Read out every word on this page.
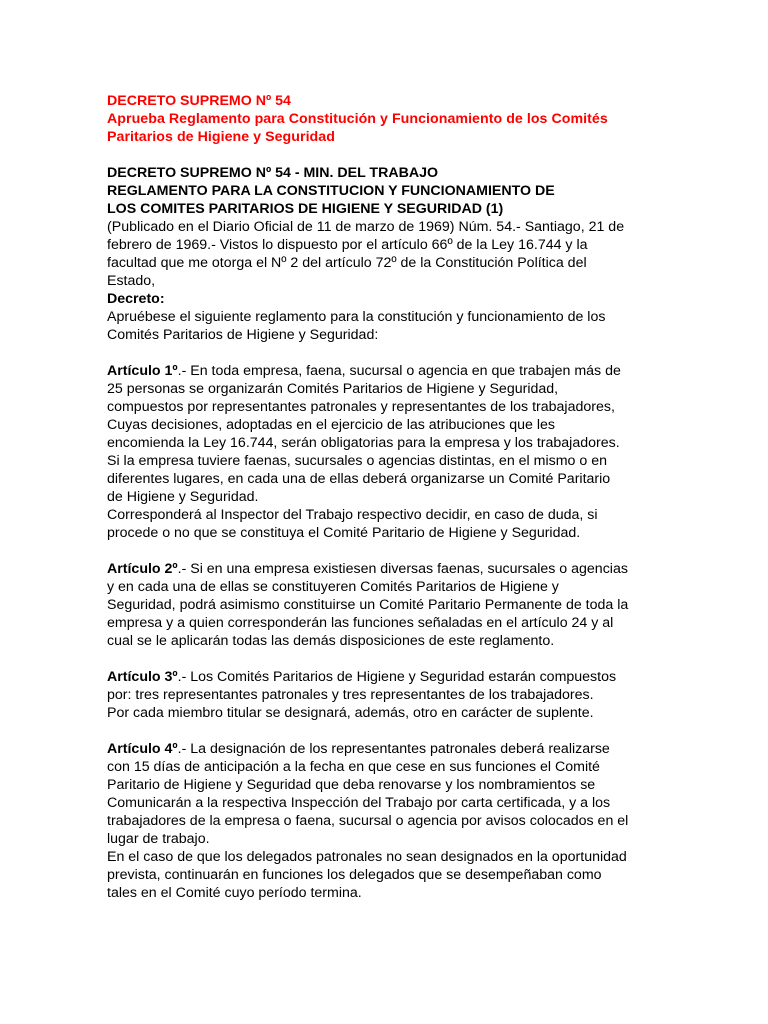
DECRETO SUPREMO Nº 54
Aprueba Reglamento para Constitución y Funcionamiento de los Comités
Paritarios de Higiene y Seguridad
DECRETO SUPREMO Nº 54 - MIN. DEL TRABAJO
REGLAMENTO PARA LA CONSTITUCION Y FUNCIONAMIENTO DE
LOS COMITES PARITARIOS DE HIGIENE Y SEGURIDAD (1)
(Publicado en el Diario Oficial de 11 de marzo de 1969) Núm. 54.- Santiago, 21 de
febrero de 1969.- Vistos lo dispuesto por el artículo 66º de la Ley 16.744 y la
facultad que me otorga el Nº 2 del artículo 72º de la Constitución Política del
Estado,
Decreto:
Apruébese el siguiente reglamento para la constitución y funcionamiento de los
Comités Paritarios de Higiene y Seguridad:
Artículo 1º.- En toda empresa, faena, sucursal o agencia en que trabajen más de
25 personas se organizarán Comités Paritarios de Higiene y Seguridad,
compuestos por representantes patronales y representantes de los trabajadores,
Cuyas decisiones, adoptadas en el ejercicio de las atribuciones que les
encomienda la Ley 16.744, serán obligatorias para la empresa y los trabajadores.
Si la empresa tuviere faenas, sucursales o agencias distintas, en el mismo o en
diferentes lugares, en cada una de ellas deberá organizarse un Comité Paritario
de Higiene y Seguridad.
Corresponderá al Inspector del Trabajo respectivo decidir, en caso de duda, si
procede o no que se constituya el Comité Paritario de Higiene y Seguridad.
Artículo 2º.- Si en una empresa existiesen diversas faenas, sucursales o agencias
y en cada una de ellas se constituyeren Comités Paritarios de Higiene y
Seguridad, podrá asimismo constituirse un Comité Paritario Permanente de toda la
empresa y a quien corresponderán las funciones señaladas en el artículo 24 y al
cual se le aplicarán todas las demás disposiciones de este reglamento.
Artículo 3º.- Los Comités Paritarios de Higiene y Seguridad estarán compuestos
por: tres representantes patronales y tres representantes de los trabajadores.
Por cada miembro titular se designará, además, otro en carácter de suplente.
Artículo 4º.- La designación de los representantes patronales deberá realizarse
con 15 días de anticipación a la fecha en que cese en sus funciones el Comité
Paritario de Higiene y Seguridad que deba renovarse y los nombramientos se
Comunicarán a la respectiva Inspección del Trabajo por carta certificada, y a los
trabajadores de la empresa o faena, sucursal o agencia por avisos colocados en el
lugar de trabajo.
En el caso de que los delegados patronales no sean designados en la oportunidad
prevista, continuarán en funciones los delegados que se desempeñaban como
tales en el Comité cuyo período termina.
